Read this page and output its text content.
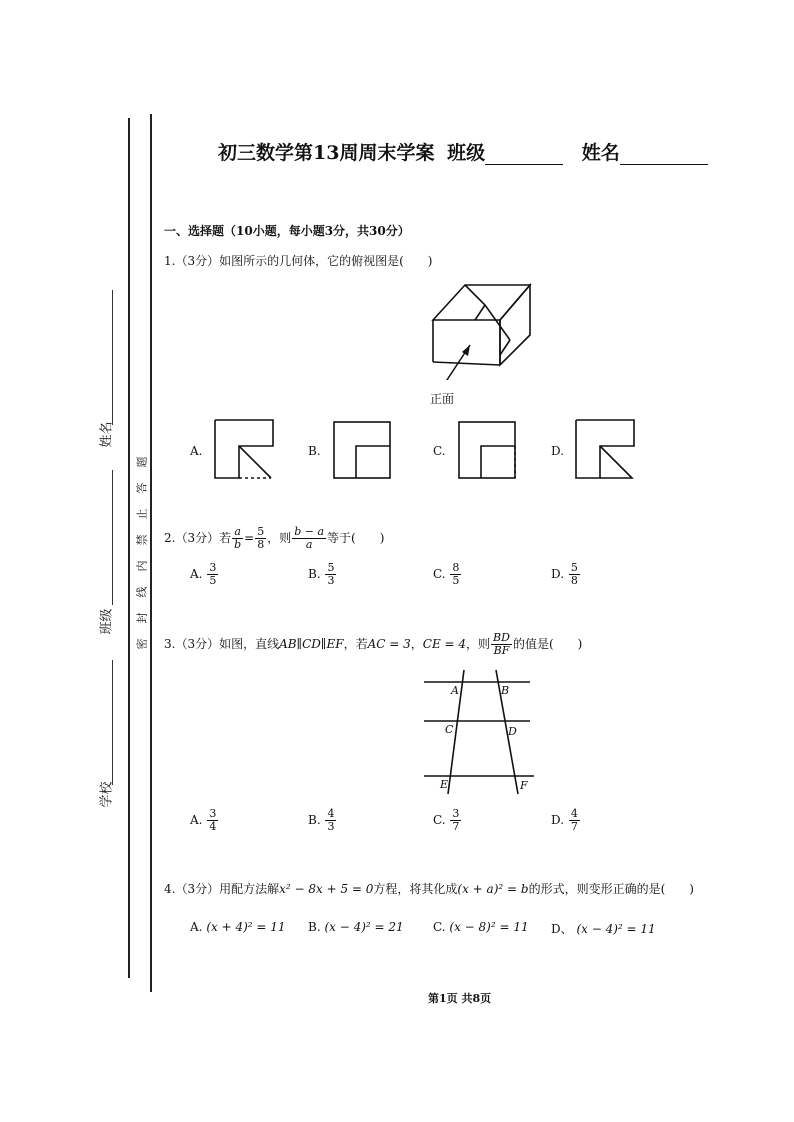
姓名
班级
学校
密
封
线
内
禁
止
答
题
初三数学第13周周末学案 班级	姓名
一、选择题（10小题，每小题3分，共30分）
1.（3分）如图所示的几何体，它的俯视图是(　　)
正面
A.	B.	C.	D.
2.（3分）若 $\frac{a}{b} = \frac{5}{8}$ ，则 $\frac{b - a}{a}$ 等于(　　)
A. $\frac{3}{5}$	B. $\frac{5}{3}$	C. $\frac{8}{5}$	D. $\frac{5}{8}$
3.（3分）如图，直线AB∥CD∥EF，若AC = 3，CE = 4，则 $\frac{BD}{BF}$ 的值是(　　)
A	B
C	D
E	F
A. $\frac{3}{4}$	B. $\frac{4}{3}$	C. $\frac{3}{7}$	D. $\frac{4}{7}$
4.（3分）用配方法解x² − 8x + 5 = 0方程，将其化成(x + a)² = b的形式，则变形正确的是(　　)
A. (x + 4)² = 11 B. (x − 4)² = 21 C. (x − 8)² = 11 D、 (x − 4)² = 11
第1页 共8页
